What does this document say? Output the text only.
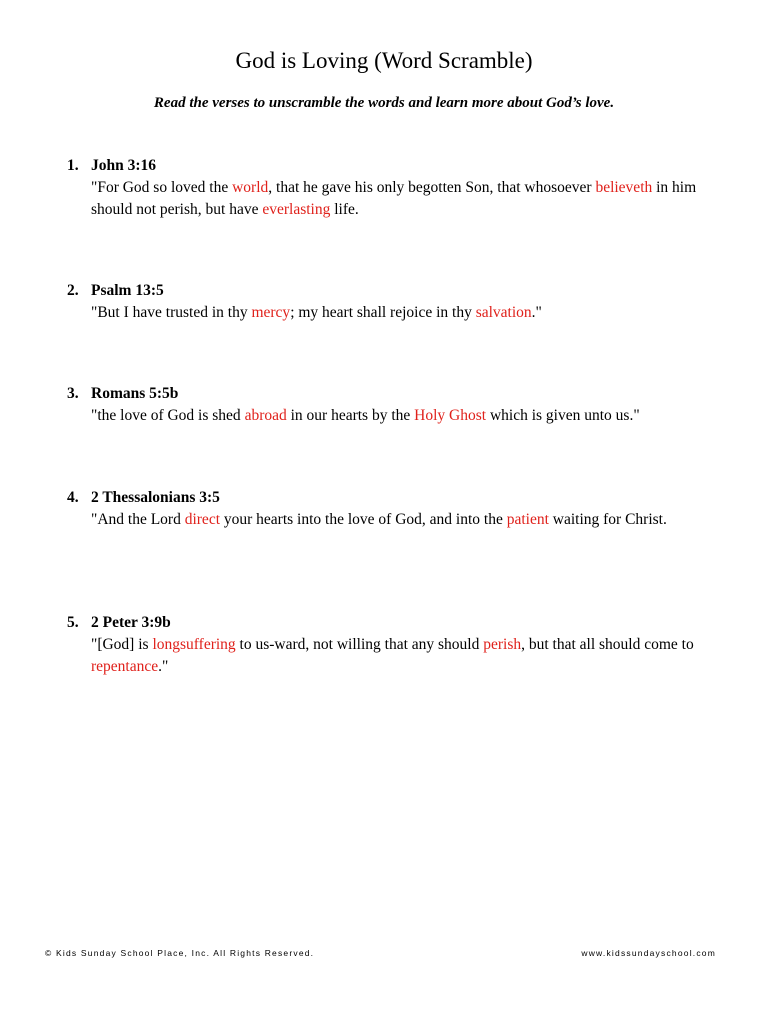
God is Loving (Word Scramble)
Read the verses to unscramble the words and learn more about God’s love.
1. John 3:16
"For God so loved the world, that he gave his only begotten Son, that whosoever believeth in him should not perish, but have everlasting life.
2. Psalm 13:5
"But I have trusted in thy mercy; my heart shall rejoice in thy salvation."
3. Romans 5:5b
"the love of God is shed abroad in our hearts by the Holy Ghost which is given unto us."
4. 2 Thessalonians 3:5
"And the Lord direct your hearts into the love of God, and into the patient waiting for Christ.
5. 2 Peter 3:9b
"[God] is longsuffering to us-ward, not willing that any should perish, but that all should come to repentance."
© Kids Sunday School Place, Inc. All Rights Reserved.	www.kidssundayschool.com
